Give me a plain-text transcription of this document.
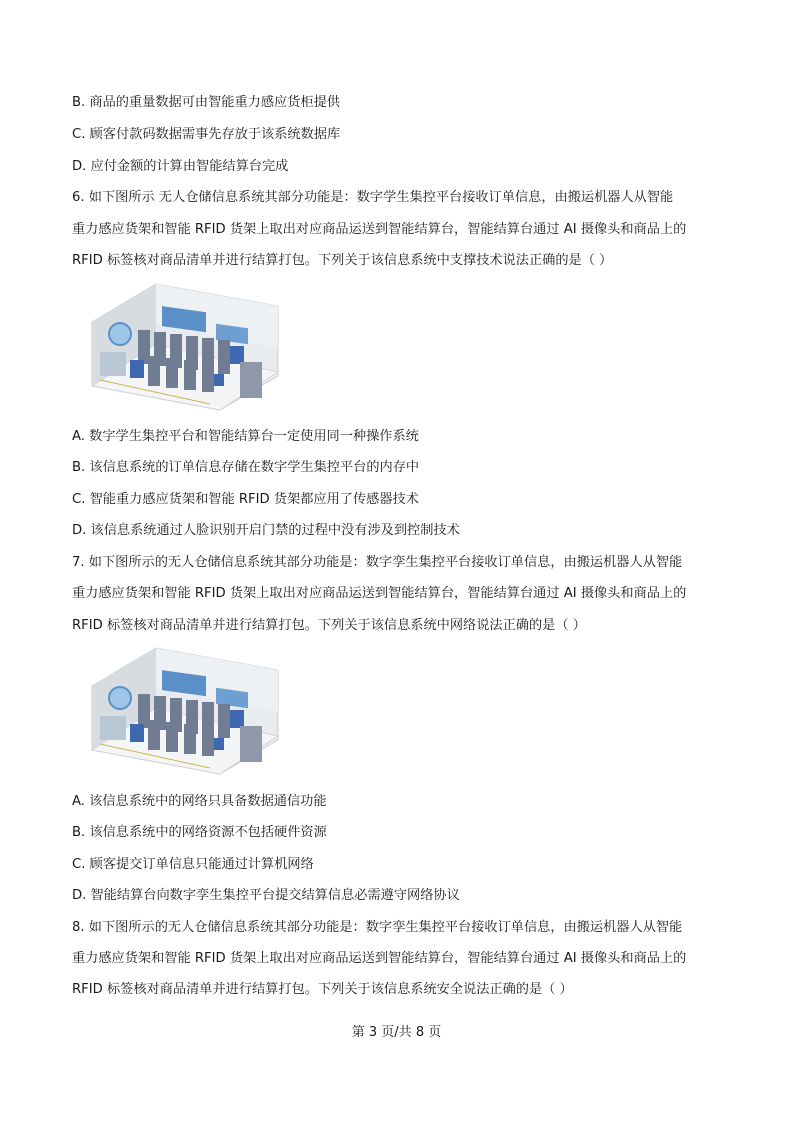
B. 商品的重量数据可由智能重力感应货柜提供
C. 顾客付款码数据需事先存放于该系统数据库
D. 应付金额的计算由智能结算台完成
6. 如下图所示 无人仓储信息系统其部分功能是：数字学生集控平台接收订单信息，由搬运机器人从智能
重力感应货架和智能 RFID 货架上取出对应商品运送到智能结算台，智能结算台通过 AI 摄像头和商品上的
RFID 标签核对商品清单并进行结算打包。下列关于该信息系统中支撑技术说法正确的是（ ）
A. 数字学生集控平台和智能结算台一定使用同一种操作系统
B. 该信息系统的订单信息存储在数字学生集控平台的内存中
C. 智能重力感应货架和智能 RFID 货架都应用了传感器技术
D. 该信息系统通过人脸识别开启门禁的过程中没有涉及到控制技术
7. 如下图所示的无人仓储信息系统其部分功能是：数字孪生集控平台接收订单信息，由搬运机器人从智能
重力感应货架和智能 RFID 货架上取出对应商品运送到智能结算台，智能结算台通过 AI 摄像头和商品上的
RFID 标签核对商品清单并进行结算打包。下列关于该信息系统中网络说法正确的是（ ）
A. 该信息系统中的网络只具备数据通信功能
B. 该信息系统中的网络资源不包括硬件资源
C. 顾客提交订单信息只能通过计算机网络
D. 智能结算台向数字孪生集控平台提交结算信息必需遵守网络协议
8. 如下图所示的无人仓储信息系统其部分功能是：数字孪生集控平台接收订单信息，由搬运机器人从智能
重力感应货架和智能 RFID 货架上取出对应商品运送到智能结算台，智能结算台通过 AI 摄像头和商品上的
RFID 标签核对商品清单并进行结算打包。下列关于该信息系统安全说法正确的是（ ）
第 3 页/共 8 页
